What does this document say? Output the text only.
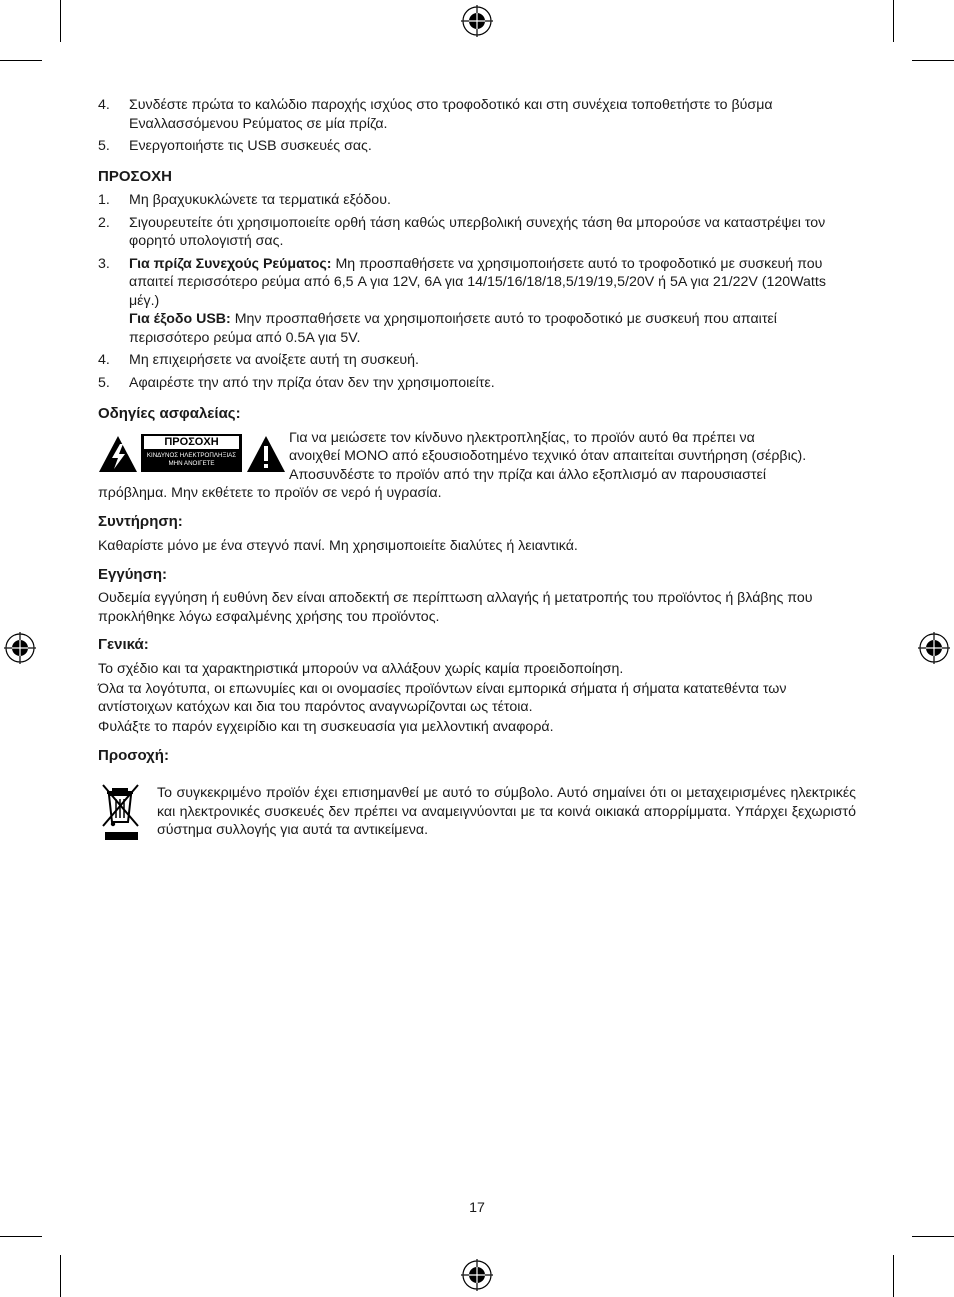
4. Συνδέστε πρώτα το καλώδιο παροχής ισχύος στο τροφοδοτικό και στη συνέχεια τοποθετήστε το βύσμα Εναλλασσόμενου Ρεύματος σε μία πρίζα.
5. Ενεργοποιήστε τις USB συσκευές σας.
ΠΡΟΣΟΧΗ
1. Μη βραχυκυκλώνετε τα τερματικά εξόδου.
2. Σιγουρευτείτε ότι χρησιμοποιείτε ορθή τάση καθώς υπερβολική συνεχής τάση θα μπορούσε να καταστρέψει τον φορητό υπολογιστή σας.
3. Για πρίζα Συνεχούς Ρεύματος: Μη προσπαθήσετε να χρησιμοποιήσετε αυτό το τροφοδοτικό με συσκευή που απαιτεί περισσότερο ρεύμα από 6,5 A για 12V, 6A για 14/15/16/18/18,5/19/19,5/20V ή 5A για 21/22V (120Watts μέγ.)
Για έξοδο USB: Μην προσπαθήσετε να χρησιμοποιήσετε αυτό το τροφοδοτικό με συσκευή που απαιτεί περισσότερο ρεύμα από 0.5A για 5V.
4. Μη επιχειρήσετε να ανοίξετε αυτή τη συσκευή.
5. Αφαιρέστε την από την πρίζα όταν δεν την χρησιμοποιείτε.
Οδηγίες ασφαλείας:
ΠΡΟΣΟΧΗ
ΚΙΝΔΥΝΟΣ ΗΛΕΚΤΡΟΠΛΗΞΙΑΣ
ΜΗΝ ΑΝΟΙΓΕΤΕ
Για να μειώσετε τον κίνδυνο ηλεκτροπληξίας, το προϊόν αυτό θα πρέπει να
ανοιχθεί ΜΟΝΟ από εξουσιοδοτημένο τεχνικό όταν απαιτείται συντήρηση (σέρβις).
Αποσυνδέστε το προϊόν από την πρίζα και άλλο εξοπλισμό αν παρουσιαστεί
πρόβλημα. Μην εκθέτετε το προϊόν σε νερό ή υγρασία.
Συντήρηση:
Καθαρίστε μόνο με ένα στεγνό πανί. Μη χρησιμοποιείτε διαλύτες ή λειαντικά.
Εγγύηση:
Ουδεμία εγγύηση ή ευθύνη δεν είναι αποδεκτή σε περίπτωση αλλαγής ή μετατροπής του προϊόντος ή βλάβης που προκλήθηκε λόγω εσφαλμένης χρήσης του προϊόντος.
Γενικά:
Το σχέδιο και τα χαρακτηριστικά μπορούν να αλλάξουν χωρίς καμία προειδοποίηση.
Όλα τα λογότυπα, οι επωνυμίες και οι ονομασίες προϊόντων είναι εμπορικά σήματα ή σήματα κατατεθέντα των αντίστοιχων κατόχων και δια του παρόντος αναγνωρίζονται ως τέτοια.
Φυλάξτε το παρόν εγχειρίδιο και τη συσκευασία για μελλοντική αναφορά.
Προσοχή:
Το συγκεκριμένο προϊόν έχει επισημανθεί με αυτό το σύμβολο. Αυτό σημαίνει ότι οι μεταχειρισμένες ηλεκτρικές και ηλεκτρονικές συσκευές δεν πρέπει να αναμειγνύονται με τα κοινά οικιακά απορρίμματα. Υπάρχει ξεχωριστό σύστημα συλλογής για αυτά τα αντικείμενα.
17
